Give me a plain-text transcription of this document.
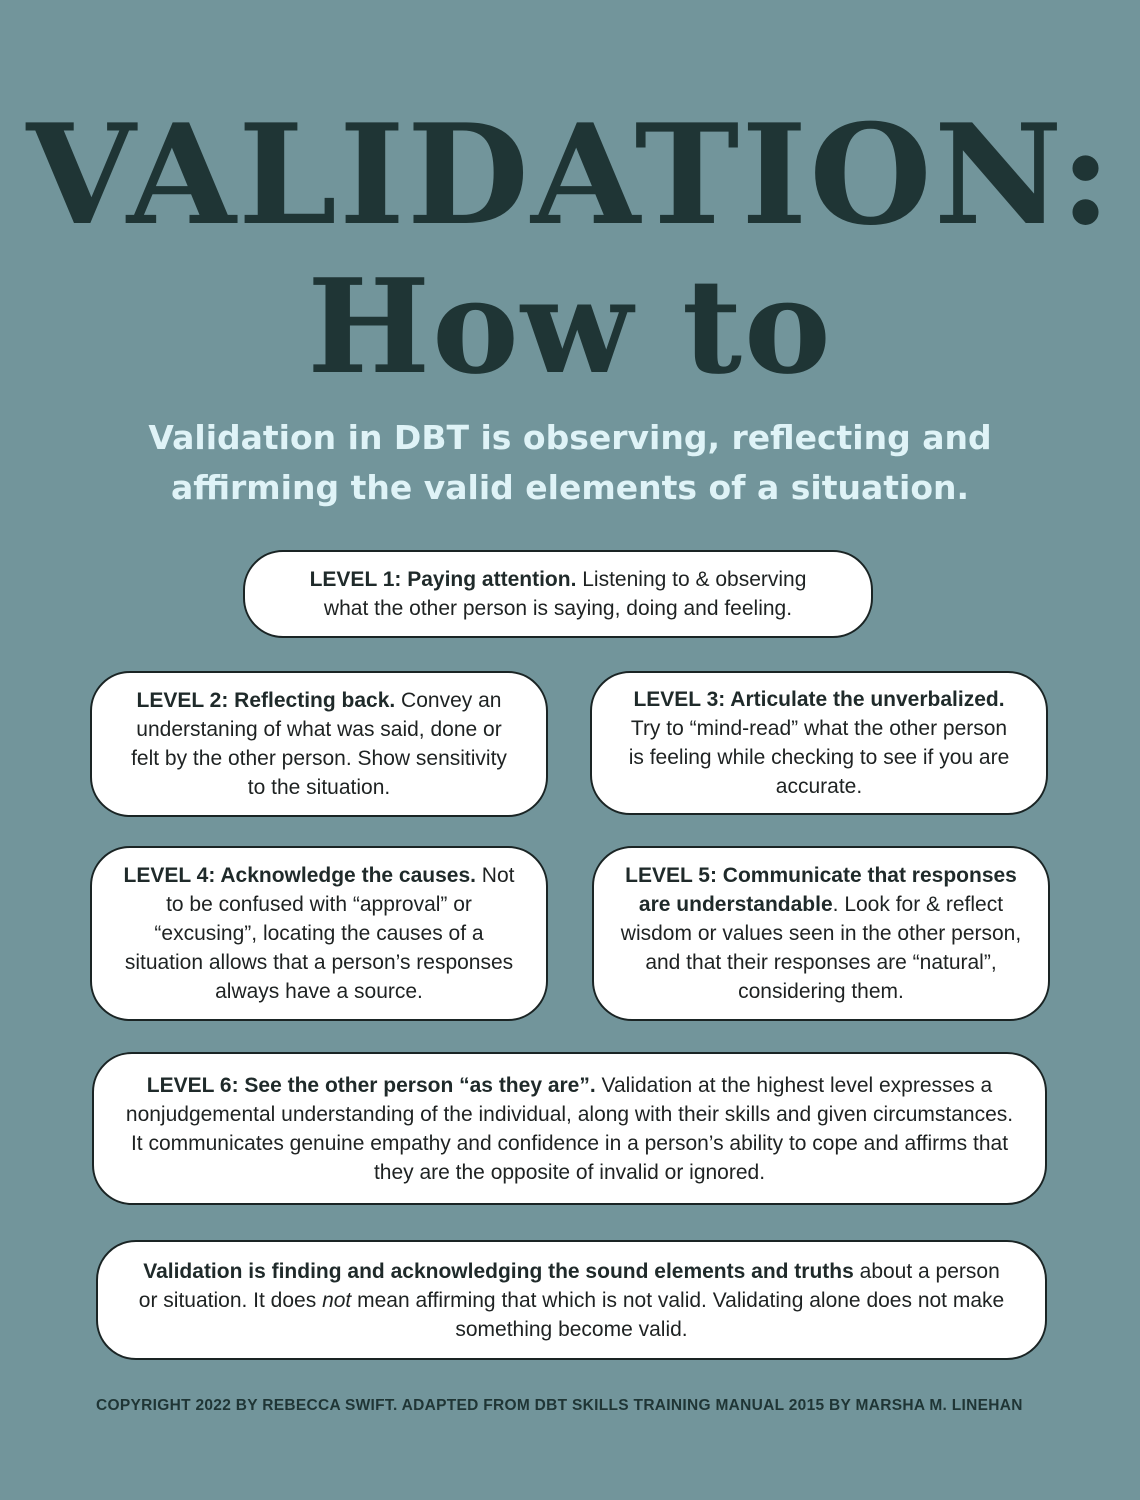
VALIDATION:
How to
Validation in DBT is observing, reflecting and
affirming the valid elements of a situation.
LEVEL 1: Paying attention. Listening to & observing what the other person is saying, doing and feeling.
LEVEL 2: Reflecting back. Convey an understaning of what was said, done or felt by the other person. Show sensitivity to the situation.
LEVEL 3: Articulate the unverbalized. Try to “mind-read” what the other person is feeling while checking to see if you are accurate.
LEVEL 4: Acknowledge the causes. Not to be confused with “approval” or “excusing”, locating the causes of a situation allows that a person’s responses always have a source.
LEVEL 5: Communicate that responses are understandable. Look for & reflect wisdom or values seen in the other person, and that their responses are “natural”, considering them.
LEVEL 6: See the other person “as they are”. Validation at the highest level expresses a nonjudgemental understanding of the individual, along with their skills and given circumstances. It communicates genuine empathy and confidence in a person’s ability to cope and affirms that they are the opposite of invalid or ignored.
Validation is finding and acknowledging the sound elements and truths about a person or situation. It does not mean affirming that which is not valid. Validating alone does not make something become valid.
COPYRIGHT 2022 BY REBECCA SWIFT. ADAPTED FROM DBT SKILLS TRAINING MANUAL 2015 BY MARSHA M. LINEHAN
